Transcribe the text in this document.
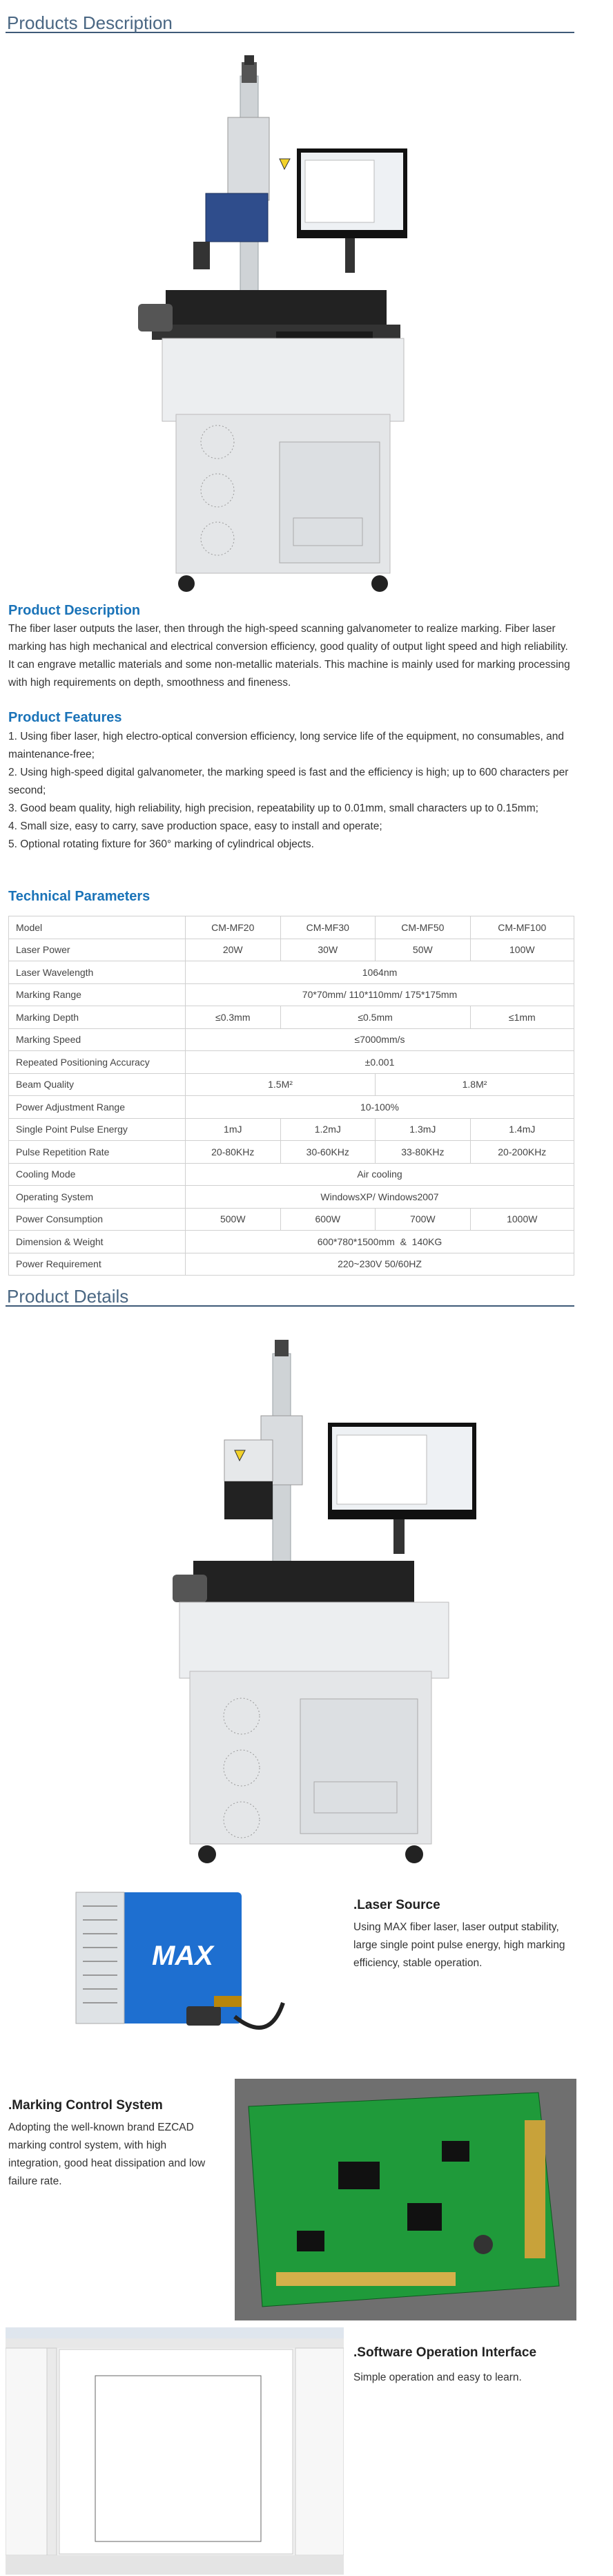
Products Description
Product Description
The fiber laser outputs the laser, then through the high-speed scanning galvanometer to realize marking. Fiber laser marking has high mechanical and electrical conversion efficiency, good quality of output light speed and high reliability. It can engrave metallic materials and some non-metallic materials. This machine is mainly used for marking processing with high requirements on depth, smoothness and fineness.
Product Features
1. Using fiber laser, high electro-optical conversion efficiency, long service life of the equipment, no consumables, and maintenance-free;
2. Using high-speed digital galvanometer, the marking speed is fast and the efficiency is high; up to 600 characters per second;
3. Good beam quality, high reliability, high precision, repeatability up to 0.01mm, small characters up to 0.15mm;
4. Small size, easy to carry, save production space, easy to install and operate;
5. Optional rotating fixture for 360° marking of cylindrical objects.
Technical Parameters
Model	CM-MF20	CM-MF30	CM-MF50	CM-MF100
Laser Power	20W	30W	50W	100W
Laser Wavelength	1064nm			
Marking Range	70*70mm/ 110*110mm/ 175*175mm			
Marking Depth	≤0.3mm	≤0.5mm		≤1mm
Marking Speed	≤7000mm/s			
Repeated Positioning Accuracy	±0.001			
Beam Quality	1.5M²		1.8M²	
Power Adjustment Range	10-100%			
Single Point Pulse Energy	1mJ	1.2mJ	1.3mJ	1.4mJ
Pulse Repetition Rate	20-80KHz	30-60KHz	33-80KHz	20-200KHz
Cooling Mode	Air cooling			
Operating System	WindowsXP/ Windows2007			
Power Consumption	500W	600W	700W	1000W
Dimension & Weight	600*780*1500mm  &  140KG			
Power Requirement	220~230V 50/60HZ			
Product Details
MAX
.Laser Source
Using MAX fiber laser, laser output stability, large single point pulse energy, high marking efficiency, stable operation.
.Marking Control System
Adopting the well-known brand EZCAD marking control system, with high integration, good heat dissipation and low failure rate.
.Software Operation Interface
Simple operation and easy to learn.
